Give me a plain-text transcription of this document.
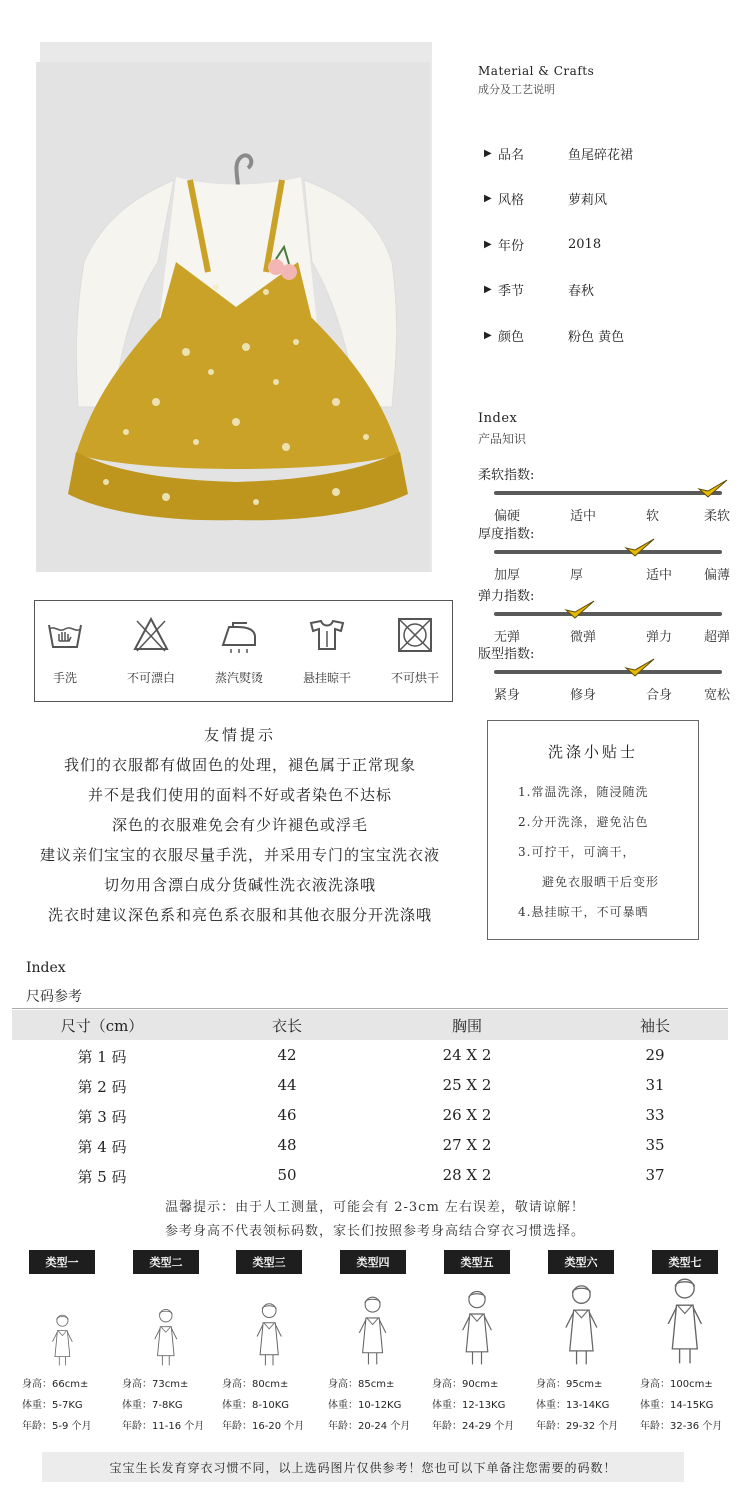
Material & Crafts
成分及工艺说明
▶ 品名	鱼尾碎花裙
▶ 风格	萝莉风
▶ 年份	2018
▶ 季节	春秋
▶ 颜色	粉色 黄色
Index
产品知识
柔软指数:
偏硬	适中	软	柔软
厚度指数:
加厚	厚	适中 偏薄
弹力指数:
无弹	微弹	弹力 超弹
版型指数:
紧身	修身	合身 宽松
手洗	不可漂白	蒸汽熨烫	悬挂晾干	不可烘干
友情提示
我们的衣服都有做固色的处理，褪色属于正常现象
并不是我们使用的面料不好或者染色不达标
深色的衣服难免会有少许褪色或浮毛
建议亲们宝宝的衣服尽量手洗，并采用专门的宝宝洗衣液
切勿用含漂白成分货碱性洗衣液洗涤哦
洗衣时建议深色系和亮色系衣服和其他衣服分开洗涤哦
洗涤小贴士
1.常温洗涤，随浸随洗
2.分开洗涤，避免沾色
3.可拧干，可滴干，
避免衣服晒干后变形
4.悬挂晾干，不可暴晒
Index
尺码参考
尺寸（cm）	衣长	胸围	袖长
第 1 码	42	24 X 2	29
第 2 码	44	25 X 2	31
第 3 码	46	26 X 2	33
第 4 码	48	27 X 2	35
第 5 码	50	28 X 2	37
温馨提示：由于人工测量，可能会有 2-3cm 左右误差，敬请谅解！
参考身高不代表领标码数，家长们按照参考身高结合穿衣习惯选择。
类型一
身高：66cm±
体重：5-7KG
年龄：5-9 个月
类型二
身高：73cm±
体重：7-8KG
年龄：11-16 个月
类型三
身高：80cm±
体重：8-10KG
年龄：16-20 个月
类型四
身高：85cm±
体重：10-12KG
年龄：20-24 个月
类型五
身高：90cm±
体重：12-13KG
年龄：24-29 个月
类型六
身高：95cm±
体重：13-14KG
年龄：29-32 个月
类型七
身高：100cm±
体重：14-15KG
年龄：32-36 个月
宝宝生长发育穿衣习惯不同，以上选码图片仅供参考！您也可以下单备注您需要的码数！
